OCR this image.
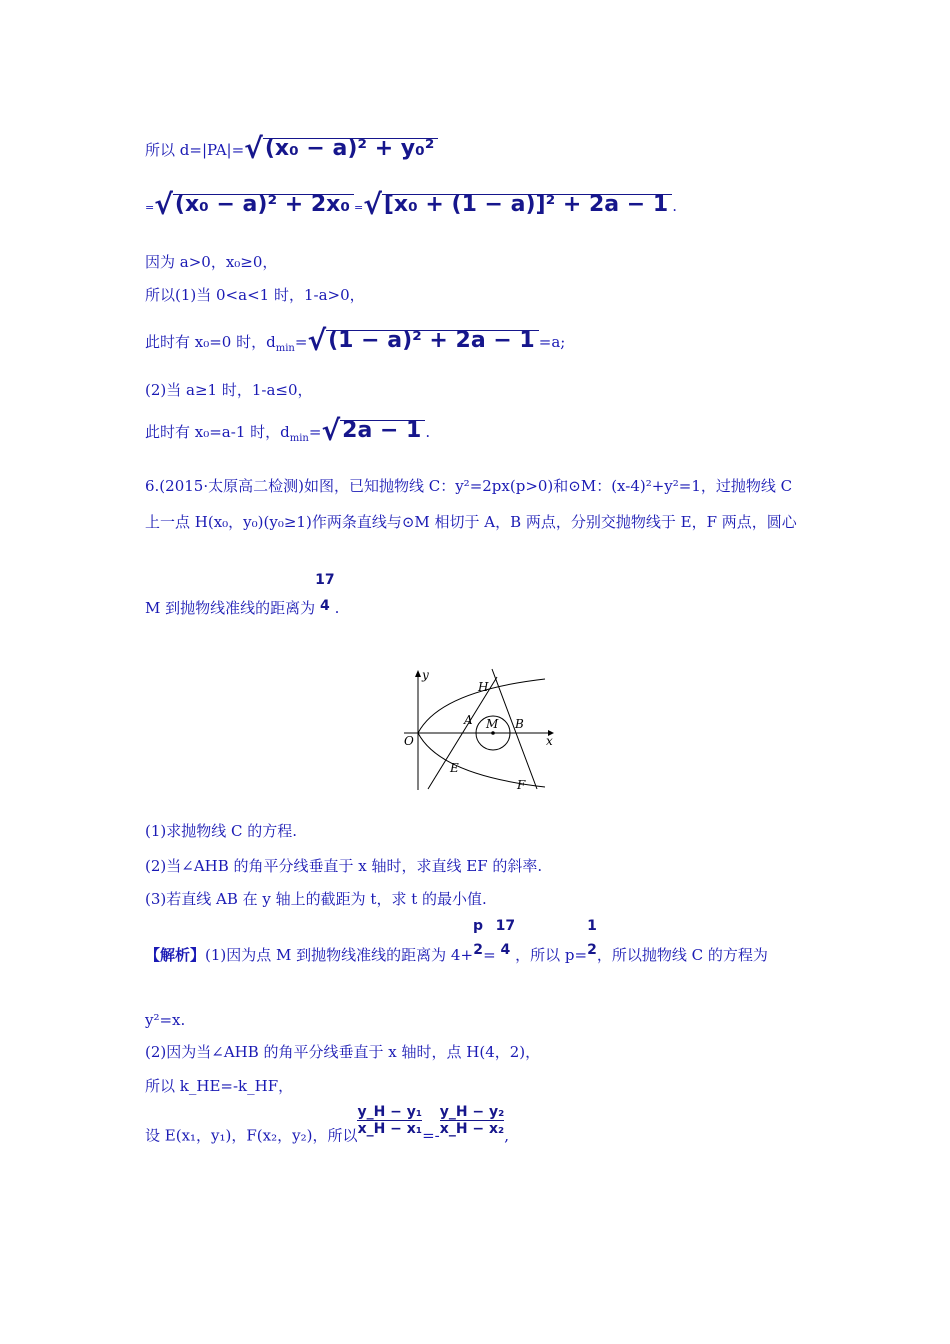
所以 d=|PA|=√(x₀ − a)² + y₀²
=√(x₀ − a)² + 2x₀ =√[x₀ + (1 − a)]² + 2a − 1 .
因为 a>0，x₀≥0，
所以(1)当 0<a<1 时，1-a>0，
此时有 x₀=0 时，$d_{min}=√(1 - a)^2 + 2a - 1 =a$;
(2)当 a≥1 时，1-a≤0，
此时有 x₀=a-1 时，$d_{min}=√2a - 1$ .
6.(2015·太原高二检测)如图，已知抛物线 C：y²=2px(p>0)和⊙M：(x-4)²+y²=1，过抛物线 C
上一点 H(x₀，y₀)(y₀≥1)作两条直线与⊙M 相切于 A，B 两点，分别交抛物线于 E，F 两点，圆心
M 到抛物线准线的距离为
17
4 .
y
x
O
H
A M B
E
F
(1)求抛物线 C 的方程.
(2)当∠AHB 的角平分线垂直于 x 轴时，求直线 EF 的斜率.
(3)若直线 AB 在 y 轴上的截距为 t，求 t 的最小值.
【解析】(1)因为点 M 到抛物线准线的距离为 4+
p
2 =
17
4 ，所以 p=
1
2 ，所以抛物线 C 的方程为
y²=x.
(2)因为当∠AHB 的角平分线垂直于 x 轴时，点 H(4，2)，
所以 k_HE=-k_HF，
设 E(x₁，y₁)，F(x₂，y₂)，所以 $\frac{\text{y\_H − y₁}}{\text{x\_H − x₁}} =- \frac{\text{y\_H − y₂}}{\text{x\_H − x₂}}$ ,
